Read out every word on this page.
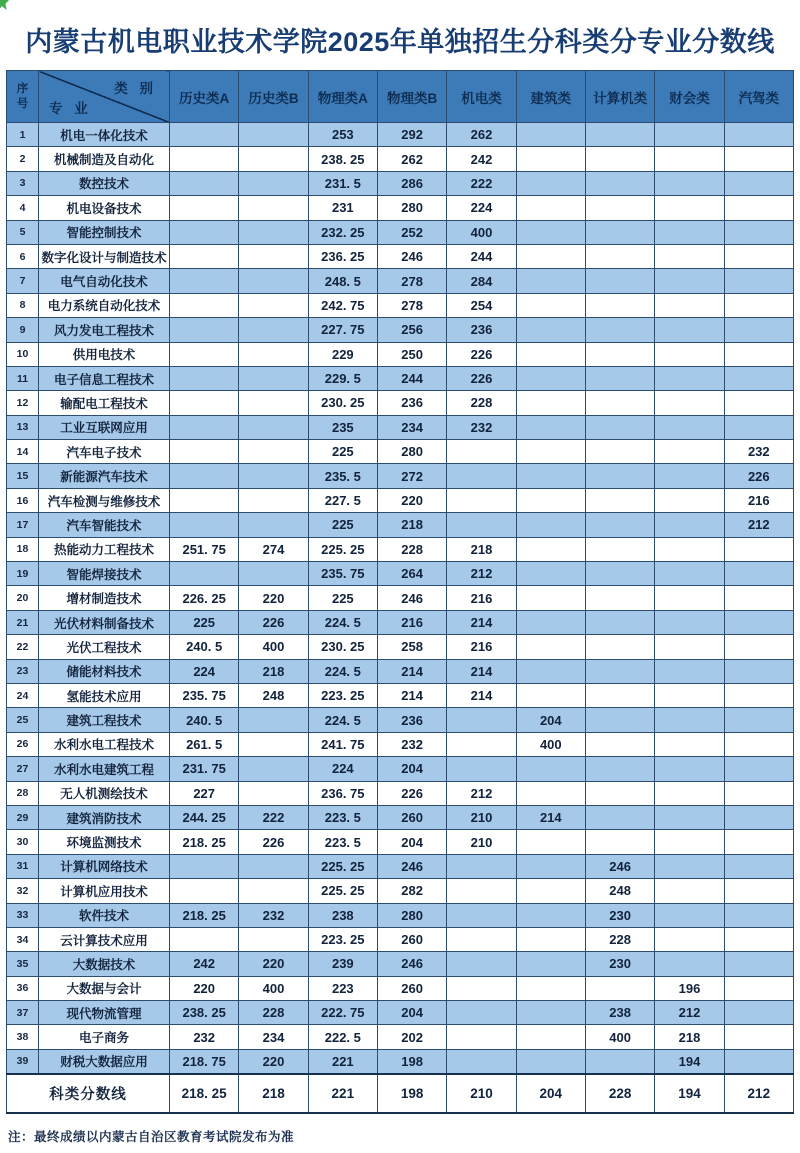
内蒙古机电职业技术学院2025年单独招生分科类分专业分数线
序号	类 别
专 业	历史类A	历史类B	物理类A	物理类B	机电类	建筑类	计算机类	财会类	汽驾类
1	机电一体化技术			253	292	262				
2	机械制造及自动化			238. 25	262	242				
3	数控技术			231. 5	286	222				
4	机电设备技术			231	280	224				
5	智能控制技术			232. 25	252	400				
6	数字化设计与制造技术			236. 25	246	244				
7	电气自动化技术			248. 5	278	284				
8	电力系统自动化技术			242. 75	278	254				
9	风力发电工程技术			227. 75	256	236				
10	供用电技术			229	250	226				
11	电子信息工程技术			229. 5	244	226				
12	输配电工程技术			230. 25	236	228				
13	工业互联网应用			235	234	232				
14	汽车电子技术			225	280					232
15	新能源汽车技术			235. 5	272					226
16	汽车检测与维修技术			227. 5	220					216
17	汽车智能技术			225	218					212
18	热能动力工程技术	251. 75	274	225. 25	228	218				
19	智能焊接技术			235. 75	264	212				
20	增材制造技术	226. 25	220	225	246	216				
21	光伏材料制备技术	225	226	224. 5	216	214				
22	光伏工程技术	240. 5	400	230. 25	258	216				
23	储能材料技术	224	218	224. 5	214	214				
24	氢能技术应用	235. 75	248	223. 25	214	214				
25	建筑工程技术	240. 5		224. 5	236		204			
26	水利水电工程技术	261. 5		241. 75	232		400			
27	水利水电建筑工程	231. 75		224	204					
28	无人机测绘技术	227		236. 75	226	212				
29	建筑消防技术	244. 25	222	223. 5	260	210	214			
30	环境监测技术	218. 25	226	223. 5	204	210				
31	计算机网络技术			225. 25	246			246		
32	计算机应用技术			225. 25	282			248		
33	软件技术	218. 25	232	238	280			230		
34	云计算技术应用			223. 25	260			228		
35	大数据技术	242	220	239	246			230		
36	大数据与会计	220	400	223	260				196	
37	现代物流管理	238. 25	228	222. 75	204			238	212	
38	电子商务	232	234	222. 5	202			400	218	
39	财税大数据应用	218. 75	220	221	198				194	
科类分数线		218. 25	218	221	198	210	204	228	194	212
注：最终成绩以内蒙古自治区教育考试院发布为准
